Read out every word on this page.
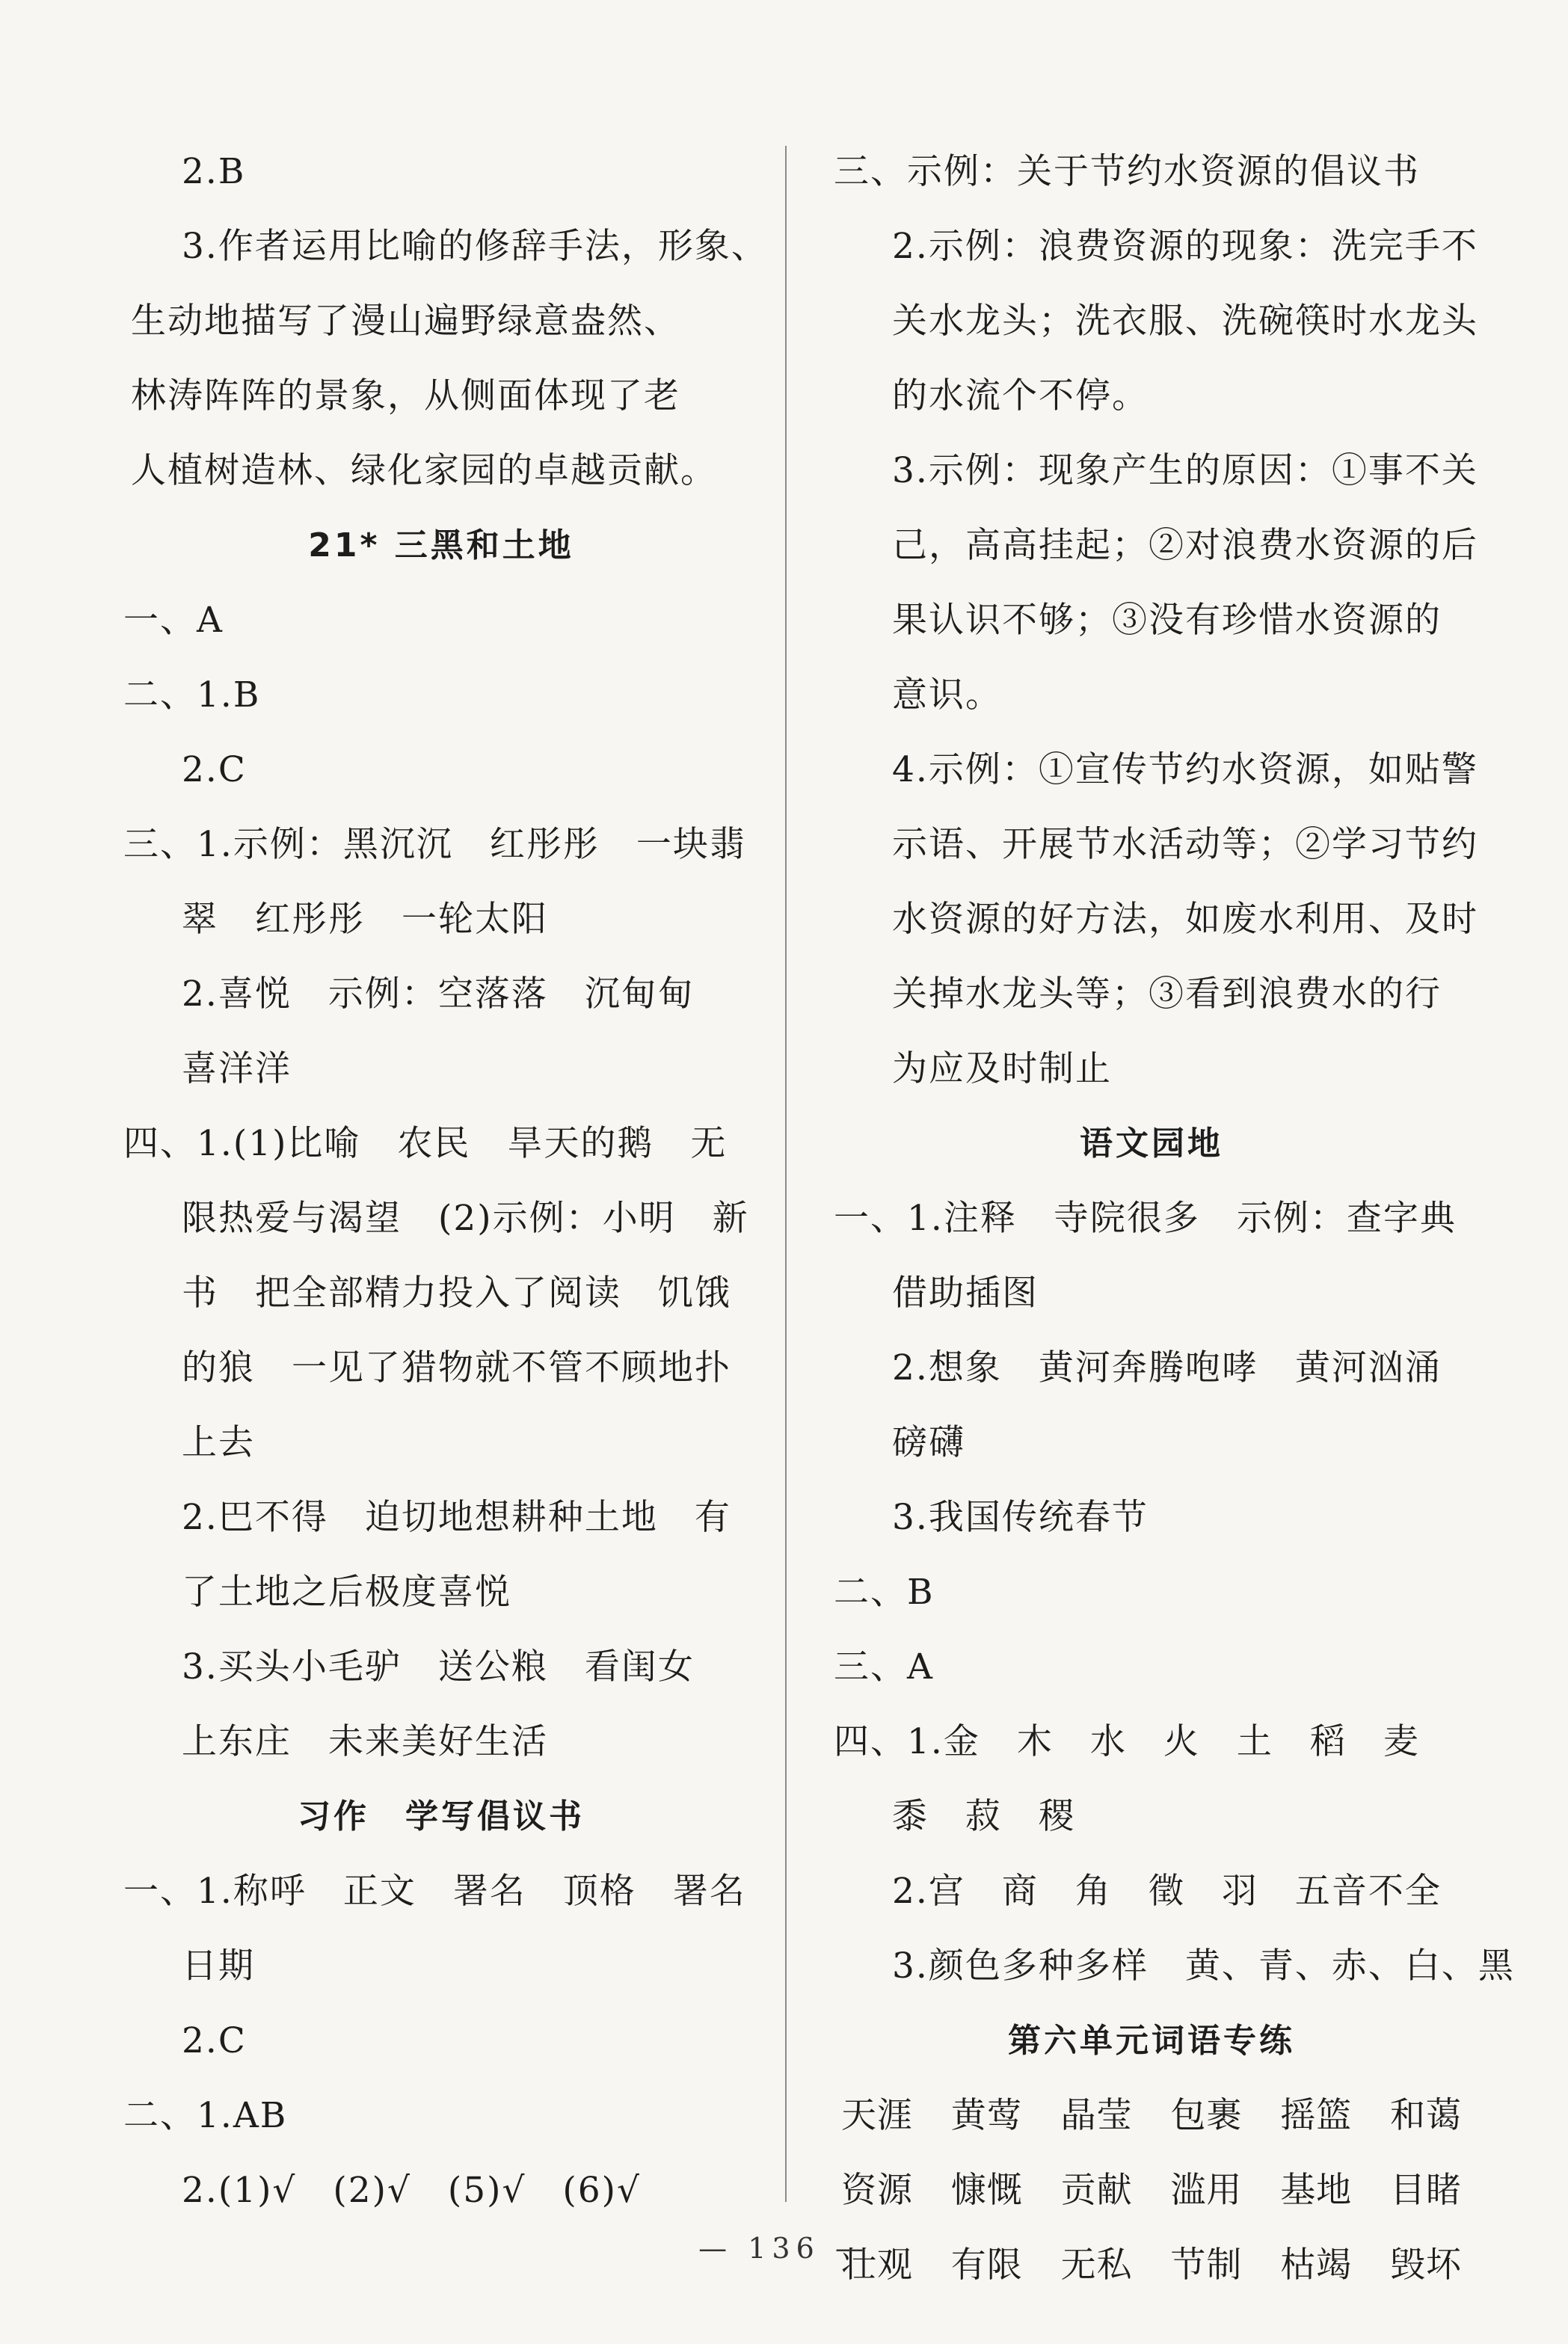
2.B
3.作者运用比喻的修辞手法，形象、
生动地描写了漫山遍野绿意盎然、
林涛阵阵的景象，从侧面体现了老
人植树造林、绿化家园的卓越贡献。
21* 三黑和土地
一、A
二、1.B
2.C
三、1.示例：黑沉沉　红彤彤　一块翡
翠　红彤彤　一轮太阳
2.喜悦　示例：空落落　沉甸甸
喜洋洋
四、1.(1)比喻　农民　旱天的鹅　无
限热爱与渴望　(2)示例：小明　新
书　把全部精力投入了阅读　饥饿
的狼　一见了猎物就不管不顾地扑
上去
2.巴不得　迫切地想耕种土地　有
了土地之后极度喜悦
3.买头小毛驴　送公粮　看闺女
上东庄　未来美好生活
习作　学写倡议书
一、1.称呼　正文　署名　顶格　署名
日期
2.C
二、1.AB
2.(1)√　(2)√　(5)√　(6)√
三、示例：关于节约水资源的倡议书
2.示例：浪费资源的现象：洗完手不
关水龙头；洗衣服、洗碗筷时水龙头
的水流个不停。
3.示例：现象产生的原因：①事不关
己，高高挂起；②对浪费水资源的后
果认识不够；③没有珍惜水资源的
意识。
4.示例：①宣传节约水资源，如贴警
示语、开展节水活动等；②学习节约
水资源的好方法，如废水利用、及时
关掉水龙头等；③看到浪费水的行
为应及时制止
语文园地
一、1.注释　寺院很多　示例：查字典
借助插图
2.想象　黄河奔腾咆哮　黄河汹涌
磅礴
3.我国传统春节
二、B
三、A
四、1.金　木　水　火　土　稻　麦
黍　菽　稷
2.宫　商　角　徵　羽　五音不全
3.颜色多种多样　黄、青、赤、白、黑
第六单元词语专练
天涯 黄莺 晶莹 包裹 摇篮 和蔼
资源 慷慨 贡献 滥用 基地 目睹
壮观 有限 无私 节制 枯竭 毁坏
— 136 —
